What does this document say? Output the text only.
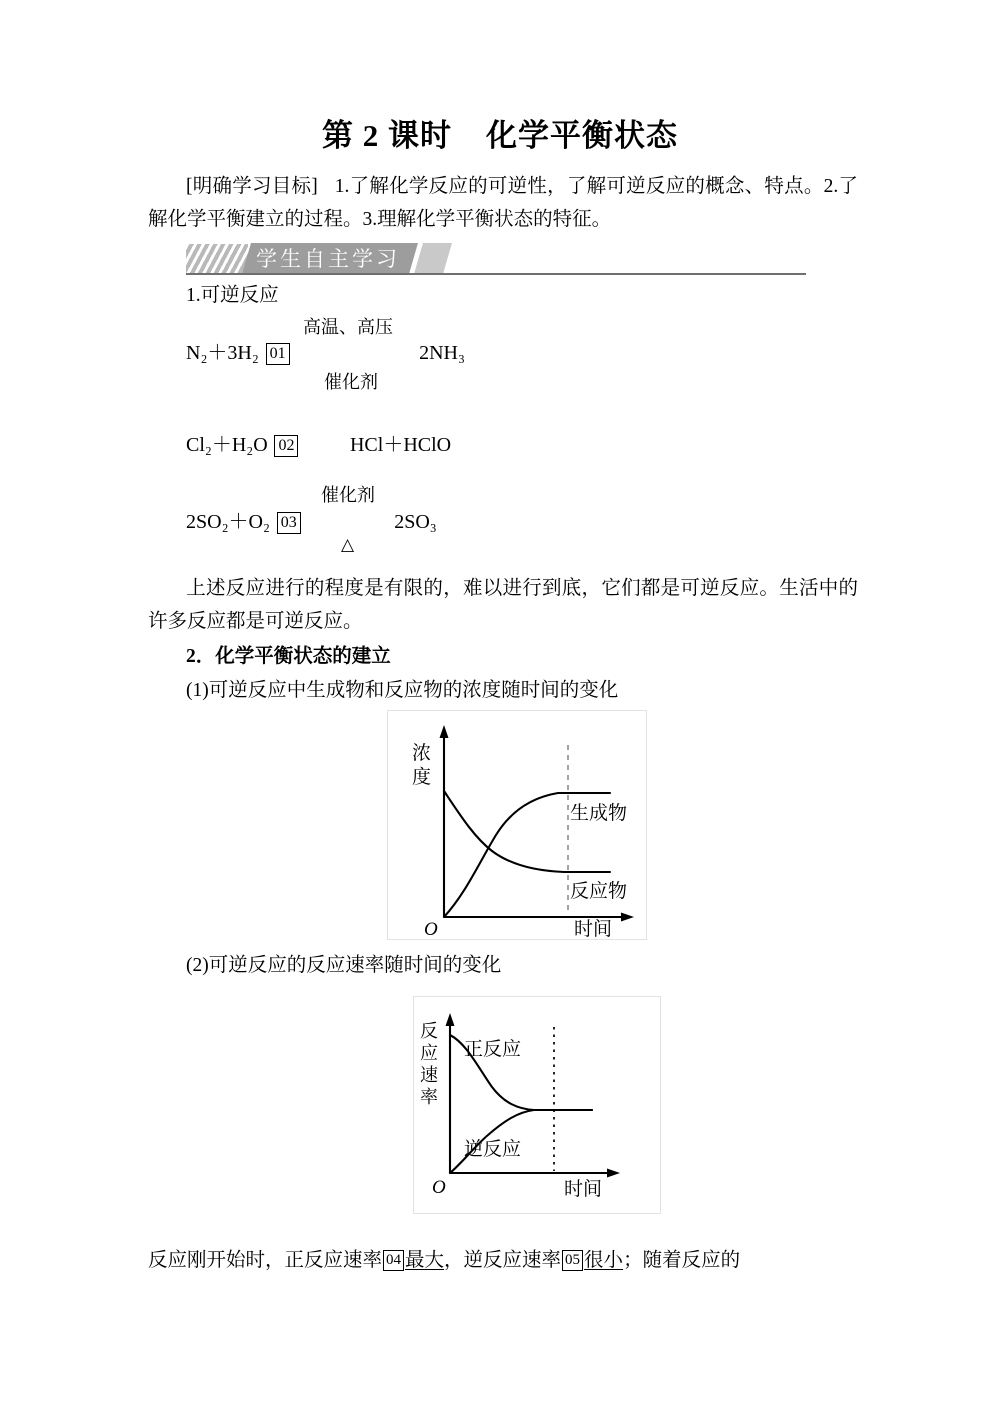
第 2 课时 化学平衡状态
[明确学习目标] 1.了解化学反应的可逆性，了解可逆反应的概念、特点。2.了解化学平衡建立的过程。3.理解化学平衡状态的特征。
学生自主学习
1.可逆反应
N₂＋3H₂ 01	2NH₃
高温、高压
催化剂
Cl₂＋H₂O 02	HCl＋HClO
2SO₂＋O₂ 03	2SO₃
催化剂
△
上述反应进行的程度是有限的，难以进行到底，它们都是可逆反应。生活中的许多反应都是可逆反应。
2．化学平衡状态的建立
(1)可逆反应中生成物和反应物的浓度随时间的变化
浓
度
生成物
反应物
O	时间
(2)可逆反应的反应速率随时间的变化
反
应
速
率
正反应
逆反应
O	时间
反应刚开始时，正反应速率 04 最大，逆反应速率 05 很小；随着反应的
